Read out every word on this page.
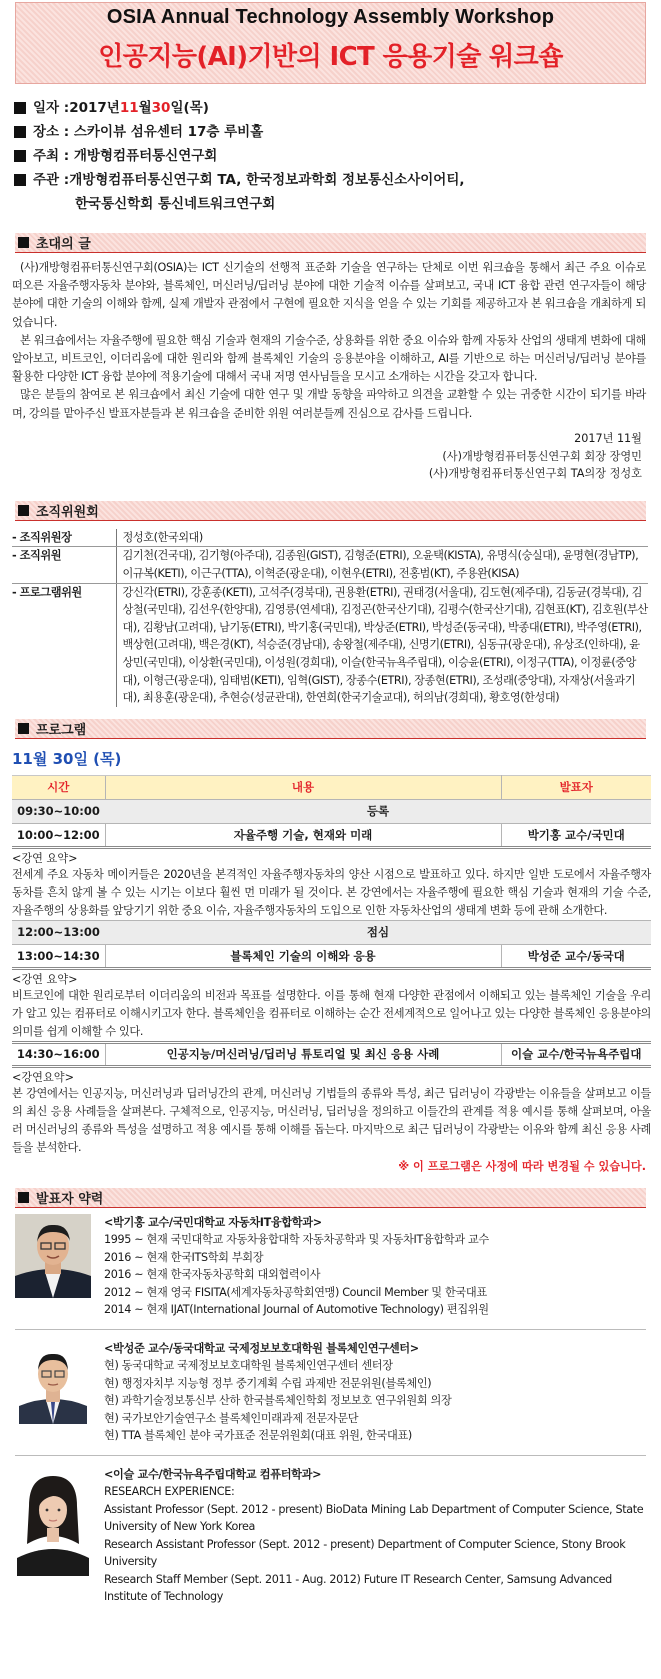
OSIA Annual Technology Assembly Workshop
인공지능(AI)기반의 ICT 응용기술 워크숍
일자 : 2017년 11 월 30 일(목)
장소 : 스카이뷰 섬유센터 17층 루비홀
주최 : 개방형컴퓨터통신연구회
주관 : 개방형컴퓨터통신연구회 TA, 한국정보과학회 정보통신소사이어티,
한국통신학회 통신네트워크연구회
초대의 글

(사)개방형컴퓨터통신연구회(OSIA)는 ICT 신기술의 선행적 표준화 기술을 연구하는 단체로 이번 워크숍을 통해서 최근 주요 이슈로 떠오른 자율주행자동차 분야와, 블록체인, 머신러닝/딥러닝 분야에 대한 기술적 이슈를 살펴보고, 국내 ICT 융합 관련 연구자들이 해당 분야에 대한 기술의 이해와 함께, 실제 개발자 관점에서 구현에 필요한 지식을 얻을 수 있는 기회를 제공하고자 본 워크숍을 개최하게 되었습니다.

본 워크숍에서는 자율주행에 필요한 핵심 기술과 현재의 기술수준, 상용화를 위한 중요 이슈와 함께 자동차 산업의 생태계 변화에 대해 알아보고, 비트코인, 이더리움에 대한 원리와 함께 블록체인 기술의 응용분야을 이해하고, AI를 기반으로 하는 머신러닝/딥러닝 분야를 활용한 다양한 ICT 융합 분야에 적용기술에 대해서 국내 저명 연사님들을 모시고 소개하는 시간을 갖고자 합니다.

많은 분들의 참여로 본 워크숍에서 최신 기술에 대한 연구 및 개발 동향을 파악하고 의견을 교환할 수 있는 귀중한 시간이 되기를 바라며, 강의를 맡아주신 발표자분들과 본 워크숍을 준비한 위원 여러분들께 진심으로 감사를 드립니다.

2017년 11월
(사)개방형컴퓨터통신연구회 회장 장영민
(사)개방형컴퓨터통신연구회 TA의장 정성호
조직위원회
- 조직위원장	정성호(한국외대)
- 조직위원	김기천(건국대), 김기형(아주대), 김종원(GIST), 김형준(ETRI), 오윤택(KISTA), 유명식(숭실대), 윤명현(경남TP), 이규복(KETI), 이근구(TTA), 이혁준(광운대), 이현우(ETRI), 전홍범(KT), 주용완(KISA)
- 프로그램위원	강신각(ETRI), 강훈종(KETI), 고석주(경북대), 권용환(ETRI), 권태경(서울대), 김도현(제주대), 김동균(경북대), 김상철(국민대), 김선우(한양대), 김영릉(연세대), 김정곤(한국산기대), 김평수(한국산기대), 김현표(KT), 김호원(부산대), 김황남(고려대), 남기동(ETRI), 박기홍(국민대), 박상준(ETRI), 박성준(동국대), 박종대(ETRI), 박주영(ETRI), 백상헌(고려대), 백은경(KT), 석승준(경남대), 송왕철(제주대), 신명기(ETRI), 심동규(광운대), 유상조(인하대), 윤상민(국민대), 이상환(국민대), 이성원(경희대), 이슬(한국뉴욕주립대), 이승윤(ETRI), 이정구(TTA), 이정륜(중앙대), 이형근(광운대), 임태범(KETI), 임혁(GIST), 장종수(ETRI), 장종현(ETRI), 조성래(중앙대), 자재상(서울과기대), 최용훈(광운대), 추현승(성균관대), 한연희(한국기술교대), 허의남(경희대), 황호영(한성대)
프로그램
11월 30일 (목)
시간	내용	발표자
09:30~10:00	등록	
10:00~12:00	자율주행 기술, 현재와 미래	박기홍 교수/국민대

<강연 요약>
전세계 주요 자동차 메이커들은 2020년을 본격적인 자율주행자동차의 양산 시점으로 발표하고 있다. 하지만 일반 도로에서 자율주행자동차를 흔치 않게 볼 수 있는 시기는 이보다 훨씬 먼 미래가 될 것이다. 본 강연에서는 자율주행에 필요한 핵심 기술과 현재의 기술 수준, 자율주행의 상용화를 앞당기기 위한 중요 이슈, 자율주행자동차의 도입으로 인한 자동차산업의 생태계 변화 등에 관해 소개한다.		

12:00~13:00	점심	
13:00~14:30	블록체인 기술의 이해와 응용	박성준 교수/동국대

<강연 요약>
비트코인에 대한 원리로부터 이더리움의 비전과 목표를 설명한다. 이를 통해 현재 다양한 관점에서 이해되고 있는 블록체인 기술을 우리가 알고 있는 컴퓨터로 이해시키고자 한다. 블록체인을 컴퓨터로 이해하는 순간 전세계적으로 일어나고 있는 다양한 블록체인 응용분야의 의미를 쉽게 이해할 수 있다.		

14:30~16:00	인공지능/머신러닝/딥러닝 튜토리얼 및 최신 응용 사례	이슬 교수/한국뉴욕주립대

<강연요약>
본 강연에서는 인공지능, 머신러닝과 딥러닝간의 관계, 머신러닝 기법들의 종류와 특성, 최근 딥러닝이 각광받는 이유들을 살펴보고 이들의 최신 응용 사례들을 살펴본다. 구체적으로, 인공지능, 머신러닝, 딥러닝을 정의하고 이들간의 관계를 적용 예시를 통해 살펴보며, 아울러 머신러닝의 종류와 특성을 설명하고 적용 예시를 통해 이해를 돕는다. 마지막으로 최근 딥러닝이 각광받는 이유와 함께 최신 응용 사례들을 분석한다.		
※ 이 프로그램은 사정에 따라 변경될 수 있습니다.
발표자 약력
<박기홍 교수/국민대학교 자동차IT융합학과>
1995 ~ 현재 국민대학교 자동차융합대학 자동차공학과 및 자동차IT융합학과 교수
2016 ~ 현재 한국ITS학회 부회장
2016 ~ 현재 한국자동차공학회 대외협력이사
2012 ~ 현재 영국 FISITA(세계자동차공학회연맹) Council Member 및 한국대표
2014 ~ 현재 IJAT(International Journal of Automotive Technology) 편집위원
<박성준 교수/동국대학교 국제정보보호대학원 블록체인연구센터>
현) 동국대학교 국제정보보호대학원 블록체인연구센터 센터장
현) 행정자치부 지능형 정부 중기계획 수립 과제반 전문위원(블록체인)
현) 과학기술정보통신부 산하 한국블록체인학회 정보보호 연구위원회 의장
현) 국가보안기술연구소 블록체인미래과제 전문자문단
현) TTA 블록체인 분야 국가표준 전문위원회(대표 위원, 한국대표)
<이슬 교수/한국뉴욕주립대학교 컴퓨터학과>
RESEARCH EXPERIENCE:
Assistant Professor (Sept. 2012 - present) BioData Mining Lab Department of Computer Science, State University of New York Korea
Research Assistant Professor (Sept. 2012 - present) Department of Computer Science, Stony Brook University
Research Staff Member (Sept. 2011 - Aug. 2012) Future IT Research Center, Samsung Advanced Institute of Technology
